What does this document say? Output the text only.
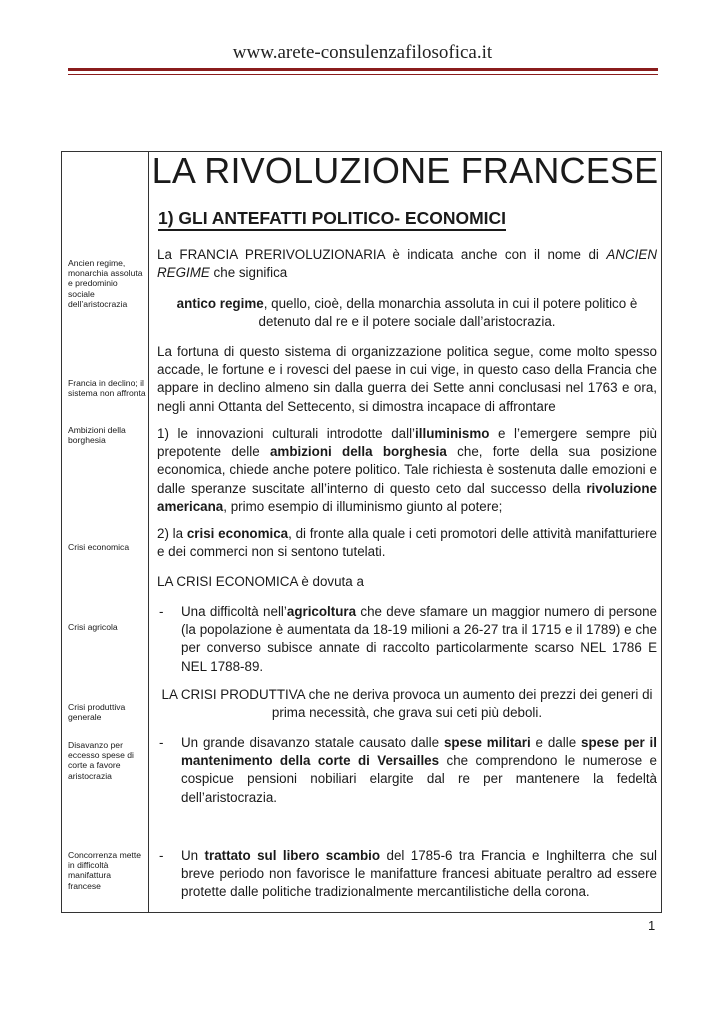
www.arete-consulenzafilosofica.it
Ancien regime, monarchia assoluta e predominio sociale dell’aristocrazia
Francia in declino; il sistema non affronta
Ambizioni della borghesia
Crisi economica
Crisi agricola
Crisi produttiva generale
Disavanzo per eccesso spese di corte a favore aristocrazia
Concorrenza mette in difficoltà manifattura francese
LA RIVOLUZIONE FRANCESE
1) GLI ANTEFATTI POLITICO- ECONOMICI
La FRANCIA PRERIVOLUZIONARIA è indicata anche con il nome di ANCIEN REGIME che significa
antico regime, quello, cioè, della monarchia assoluta in cui il potere politico è detenuto dal re e il potere sociale dall’aristocrazia.
La fortuna di questo sistema di organizzazione politica segue, come molto spesso accade, le fortune e i rovesci del paese in cui vige, in questo caso della Francia che appare in declino almeno sin dalla guerra dei Sette anni conclusasi nel 1763 e ora, negli anni Ottanta del Settecento, si dimostra incapace di affrontare
1) le innovazioni culturali introdotte dall’illuminismo e l’emergere sempre più prepotente delle ambizioni della borghesia che, forte della sua posizione economica, chiede anche potere politico. Tale richiesta è sostenuta dalle emozioni e dalle speranze suscitate all’interno di questo ceto dal successo della rivoluzione americana, primo esempio di illuminismo giunto al potere;
2) la crisi economica, di fronte alla quale i ceti promotori delle attività manifatturiere e dei commerci non si sentono tutelati.
LA CRISI ECONOMICA è dovuta a
- Una difficoltà nell’agricoltura che deve sfamare un maggior numero di persone (la popolazione è aumentata da 18-19 milioni a 26-27 tra il 1715 e il 1789) e che per converso subisce annate di raccolto particolarmente scarso NEL 1786 E NEL 1788-89.
LA CRISI PRODUTTIVA che ne deriva provoca un aumento dei prezzi dei generi di prima necessità, che grava sui ceti più deboli.
- Un grande disavanzo statale causato dalle spese militari e dalle spese per il mantenimento della corte di Versailles che comprendono le numerose e cospicue pensioni nobiliari elargite dal re per mantenere la fedeltà dell’aristocrazia.
- Un trattato sul libero scambio del 1785-6 tra Francia e Inghilterra che sul breve periodo non favorisce le manifatture francesi abituate peraltro ad essere protette dalle politiche tradizionalmente mercantilistiche della corona.
1
